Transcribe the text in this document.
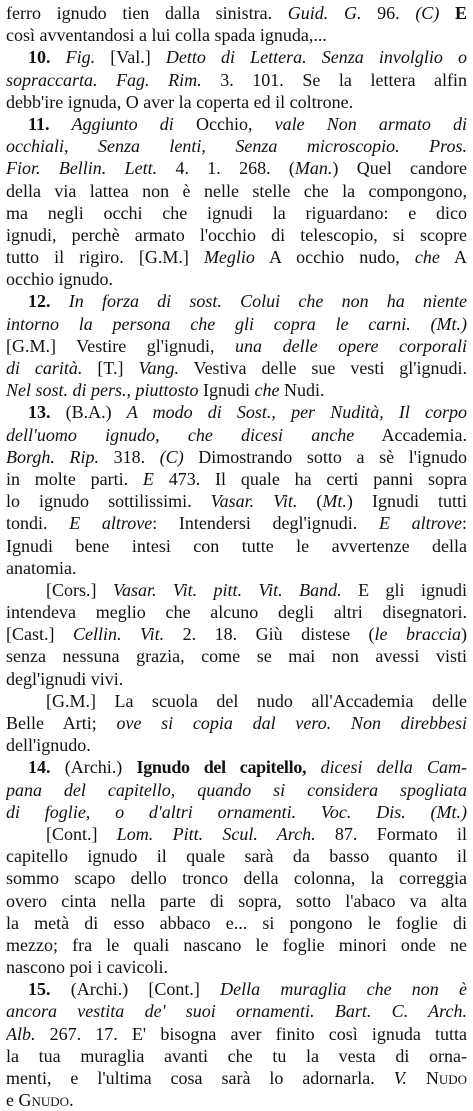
ferro ignudo tien dalla sinistra. Guid. G. 96. (C) E
così avventandosi a lui colla spada ignuda,...
10. Fig. [Val.] Detto di Lettera. Senza involglio o
sopraccarta. Fag. Rim. 3. 101. Se la lettera alfin
debb'ire ignuda, O aver la coperta ed il coltrone.
11. Aggiunto di Occhio, vale Non armato di
occhiali, Senza lenti, Senza microscopio. Pros.
Fior. Bellin. Lett. 4. 1. 268. (Man.) Quel candore
della via lattea non è nelle stelle che la compongono,
ma negli occhi che ignudi la riguardano: e dico
ignudi, perchè armato l'occhio di telescopio, si scopre
tutto il rigiro. [G.M.] Meglio A occhio nudo, che A
occhio ignudo.
12. In forza di sost. Colui che non ha niente
intorno la persona che gli copra le carni. (Mt.)
[G.M.] Vestire gl'ignudi, una delle opere corporali
di carità. [T.] Vang. Vestiva delle sue vesti gl'ignudi.
Nel sost. di pers., piuttosto Ignudi che Nudi.
13. (B.A.) A modo di Sost., per Nudità, Il corpo
dell'uomo ignudo, che dicesi anche Accademia.
Borgh. Rip. 318. (C) Dimostrando sotto a sè l'ignudo
in molte parti. E 473. Il quale ha certi panni sopra
lo ignudo sottilissimi. Vasar. Vit. (Mt.) Ignudi tutti
tondi. E altrove: Intendersi degl'ignudi. E altrove:
Ignudi bene intesi con tutte le avvertenze della
anatomia.
[Cors.] Vasar. Vit. pitt. Vit. Band. E gli ignudi
intendeva meglio che alcuno degli altri disegnatori.
[Cast.] Cellin. Vit. 2. 18. Giù distese (le braccia)
senza nessuna grazia, come se mai non avessi visti
degl'ignudi vivi.
[G.M.] La scuola del nudo all'Accademia delle
Belle Arti; ove si copia dal vero. Non direbbesi
dell'ignudo.
14. (Archi.) Ignudo del capitello, dicesi della Cam-
pana del capitello, quando si considera spogliata
di foglie, o d'altri ornamenti. Voc. Dis. (Mt.)
[Cont.] Lom. Pitt. Scul. Arch. 87. Formato il
capitello ignudo il quale sarà da basso quanto il
sommo scapo dello tronco della colonna, la correggia
overo cinta nella parte di sopra, sotto l'abaco va alta
la metà di esso abbaco e... si pongono le foglie di
mezzo; fra le quali nascano le foglie minori onde ne
nascono poi i cavicoli.
15. (Archi.) [Cont.] Della muraglia che non è
ancora vestita de' suoi ornamenti. Bart. C. Arch.
Alb. 267. 17. E' bisogna aver finito così ignuda tutta
la tua muraglia avanti che tu la vesta di orna-
menti, e l'ultima cosa sarà lo adornarla. V. Nudo
e Gnudo.
